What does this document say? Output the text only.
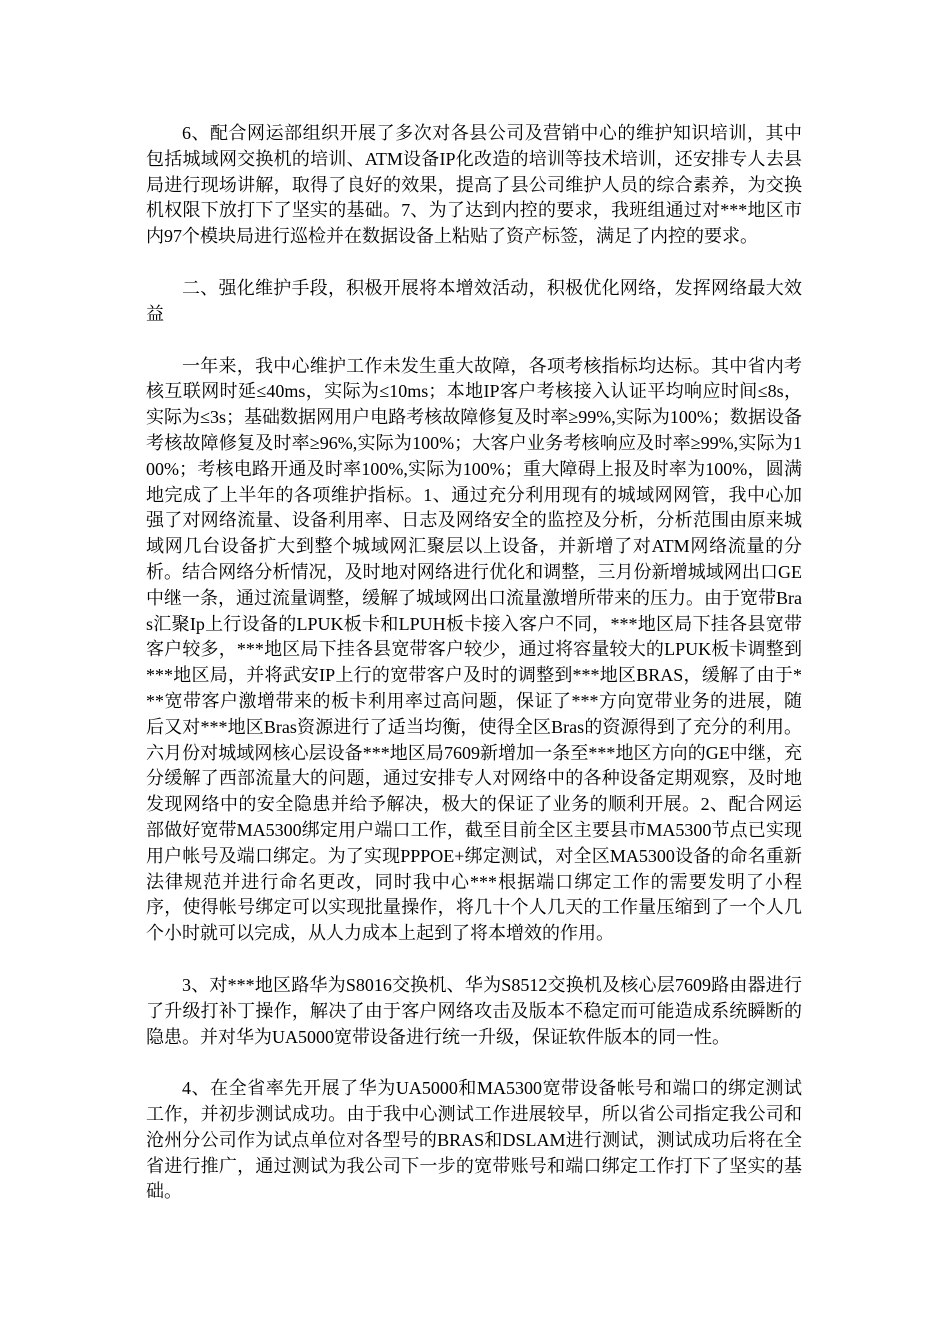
6、配合网运部组织开展了多次对各县公司及营销中心的维护知识培训，其中包括城域网交换机的培训、ATM设备IP化改造的培训等技术培训，还安排专人去县局进行现场讲解，取得了良好的效果，提高了县公司维护人员的综合素养，为交换机权限下放打下了坚实的基础。7、为了达到内控的要求，我班组通过对***地区市内97个模块局进行巡检并在数据设备上粘贴了资产标签，满足了内控的要求。

二、强化维护手段，积极开展将本增效活动，积极优化网络，发挥网络最大效益

一年来，我中心维护工作未发生重大故障，各项考核指标均达标。其中省内考核互联网时延≤40ms，实际为≤10ms；本地IP客户考核接入认证平均响应时间≤8s，实际为≤3s；基础数据网用户电路考核故障修复及时率≥99%,实际为100%；数据设备考核故障修复及时率≥96%,实际为100%；大客户业务考核响应及时率≥99%,实际为100%；考核电路开通及时率100%,实际为100%；重大障碍上报及时率为100%，圆满地完成了上半年的各项维护指标。1、通过充分利用现有的城域网网管，我中心加强了对网络流量、设备利用率、日志及网络安全的监控及分析，分析范围由原来城域网几台设备扩大到整个城域网汇聚层以上设备，并新增了对ATM网络流量的分析。结合网络分析情况，及时地对网络进行优化和调整，三月份新增城域网出口GE中继一条，通过流量调整，缓解了城域网出口流量激增所带来的压力。由于宽带Bras汇聚Ip上行设备的LPUK板卡和LPUH板卡接入客户不同，***地区局下挂各县宽带客户较多，***地区局下挂各县宽带客户较少，通过将容量较大的LPUK板卡调整到***地区局，并将武安IP上行的宽带客户及时的调整到***地区BRAS，缓解了由于***宽带客户激增带来的板卡利用率过高问题，保证了***方向宽带业务的进展，随后又对***地区Bras资源进行了适当均衡，使得全区Bras的资源得到了充分的利用。六月份对城域网核心层设备***地区局7609新增加一条至***地区方向的GE中继，充分缓解了西部流量大的问题，通过安排专人对网络中的各种设备定期观察，及时地发现网络中的安全隐患并给予解决，极大的保证了业务的顺利开展。2、配合网运部做好宽带MA5300绑定用户端口工作，截至目前全区主要县市MA5300节点已实现用户帐号及端口绑定。为了实现PPPOE+绑定测试，对全区MA5300设备的命名重新法律规范并进行命名更改，同时我中心***根据端口绑定工作的需要发明了小程序，使得帐号绑定可以实现批量操作，将几十个人几天的工作量压缩到了一个人几个小时就可以完成，从人力成本上起到了将本增效的作用。

3、对***地区路华为S8016交换机、华为S8512交换机及核心层7609路由器进行了升级打补丁操作，解决了由于客户网络攻击及版本不稳定而可能造成系统瞬断的隐患。并对华为UA5000宽带设备进行统一升级，保证软件版本的同一性。

4、在全省率先开展了华为UA5000和MA5300宽带设备帐号和端口的绑定测试工作，并初步测试成功。由于我中心测试工作进展较早，所以省公司指定我公司和沧州分公司作为试点单位对各型号的BRAS和DSLAM进行测试，测试成功后将在全省进行推广，通过测试为我公司下一步的宽带账号和端口绑定工作打下了坚实的基础。
